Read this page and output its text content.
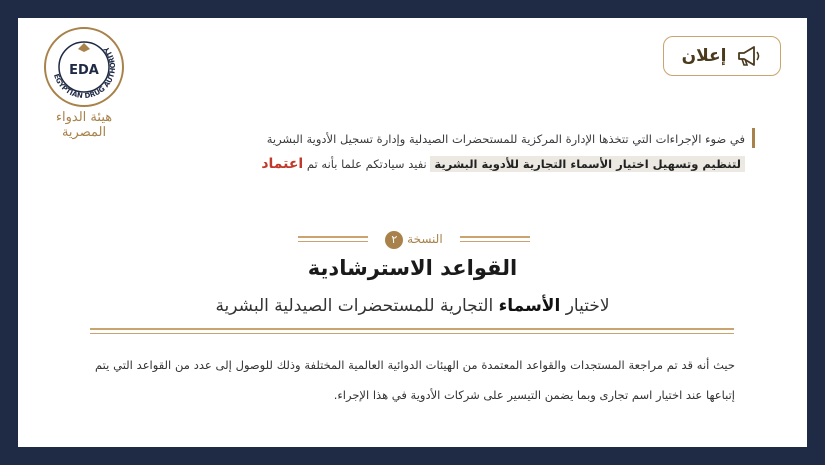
EGYPTIAN DRUG AUTHORITY
EDA
هيئة الدواء المصرية
إعلان
في ضوء الإجراءات التي تتخذها الإدارة المركزية للمستحضرات الصيدلية وإدارة تسجيل الأدوية البشرية
لتنظيم وتسهيل اختيار الأسماء التجارية للأدوية البشرية نفيد سيادتكم علما بأنه تم اعتماد
النسخة ٢
القواعد الاسترشادية
لاختيار الأسماء التجارية للمستحضرات الصيدلية البشرية
حيث أنه قد تم مراجعة المستجدات والقواعد المعتمدة من الهيئات الدوائية العالمية المختلفة وذلك للوصول إلى عدد من القواعد التي يتم إتباعها عند اختيار اسم تجارى وبما يضمن التيسير على شركات الأدوية في هذا الإجراء.
